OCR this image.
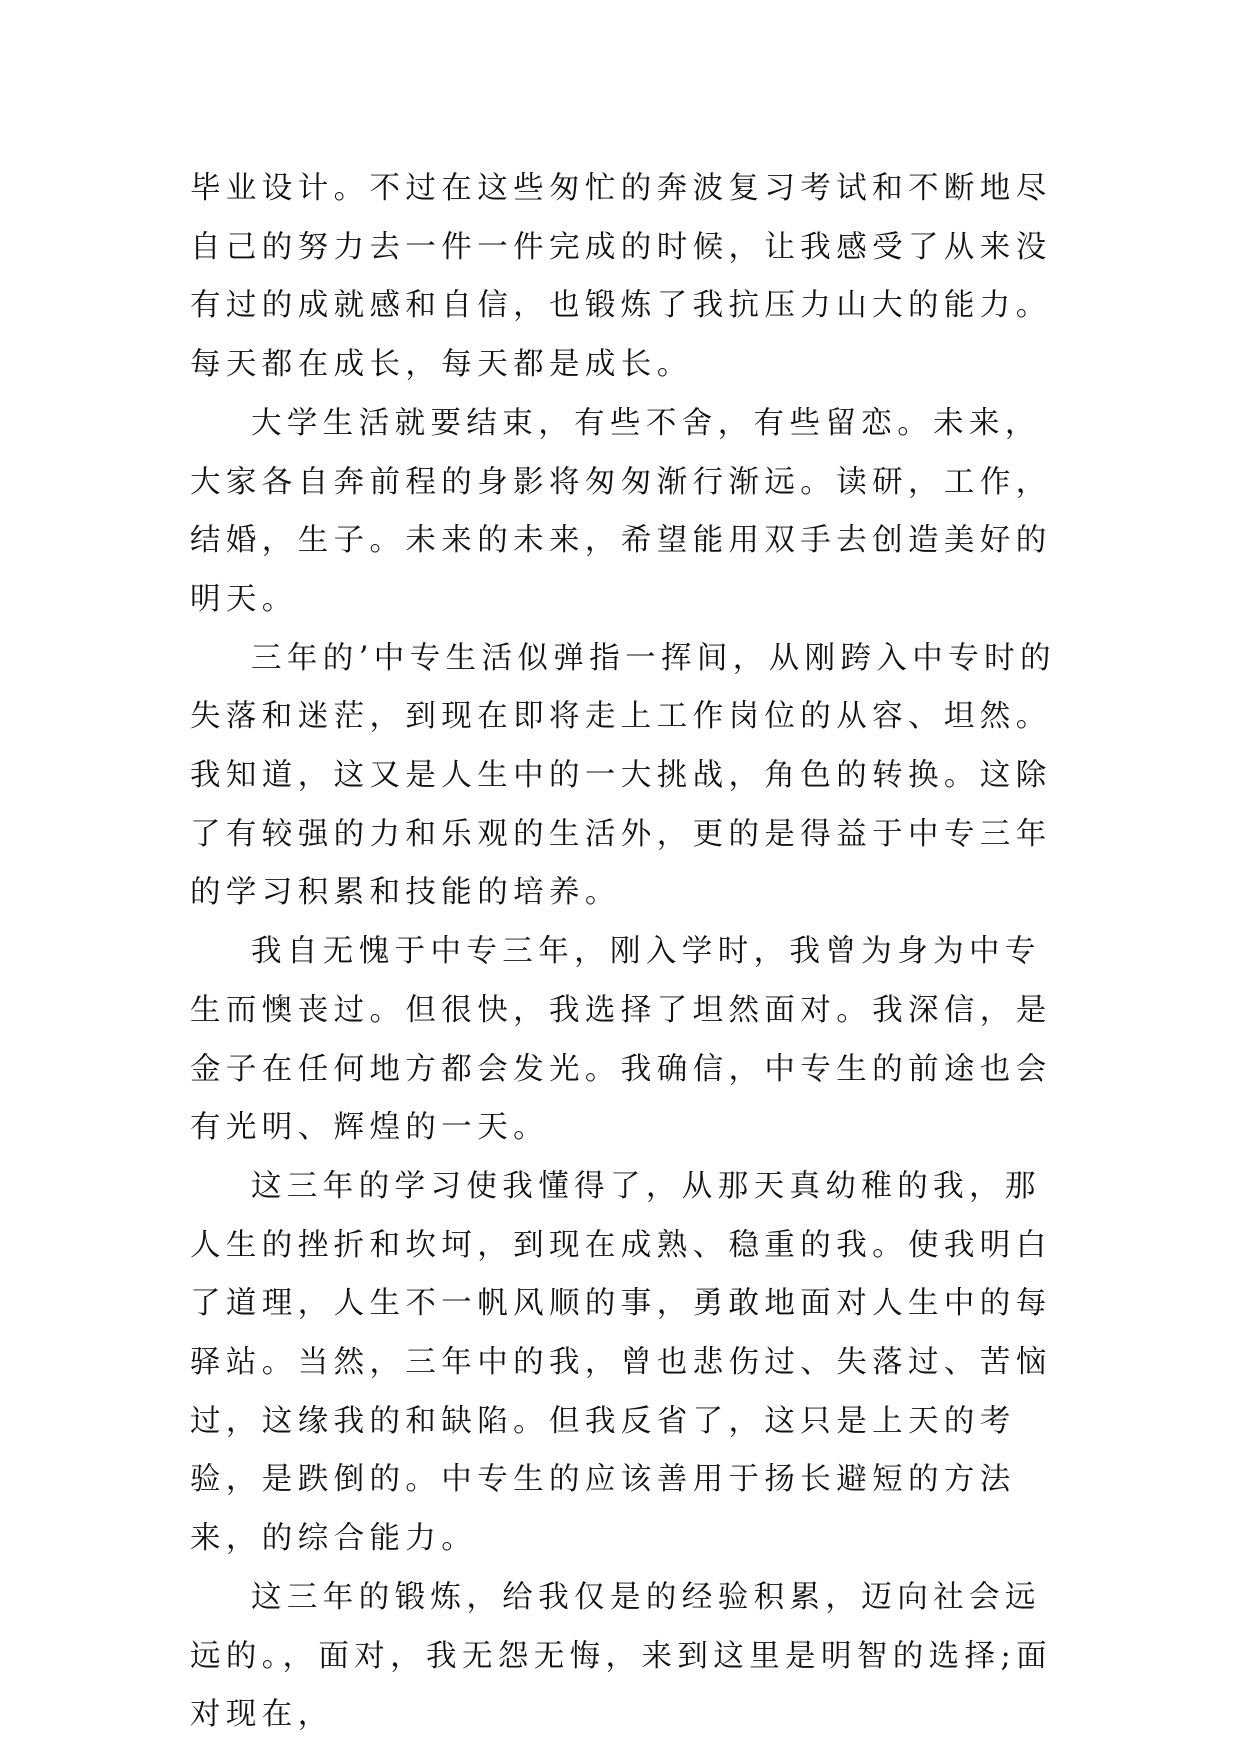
毕业设计。不过在这些匆忙的奔波复习考试和不断地尽自己的努力去一件一件完成的时候，让我感受了从来没有过的成就感和自信，也锻炼了我抗压力山大的能力。每天都在成长，每天都是成长。

大学生活就要结束，有些不舍，有些留恋。未来，大家各自奔前程的身影将匆匆渐行渐远。读研，工作，结婚，生子。未来的未来，希望能用双手去创造美好的明天。

三年的’中专生活似弹指一挥间，从刚跨入中专时的失落和迷茫，到现在即将走上工作岗位的从容、坦然。我知道，这又是人生中的一大挑战，角色的转换。这除了有较强的力和乐观的生活外，更的是得益于中专三年的学习积累和技能的培养。

我自无愧于中专三年，刚入学时，我曾为身为中专生而懊丧过。但很快，我选择了坦然面对。我深信，是金子在任何地方都会发光。我确信，中专生的前途也会有光明、辉煌的一天。

这三年的学习使我懂得了，从那天真幼稚的我，那人生的挫折和坎坷，到现在成熟、稳重的我。使我明白了道理，人生不一帆风顺的事，勇敢地面对人生中的每驿站。当然，三年中的我，曾也悲伤过、失落过、苦恼过，这缘我的和缺陷。但我反省了，这只是上天的考验，是跌倒的。中专生的应该善用于扬长避短的方法来，的综合能力。

这三年的锻炼，给我仅是的经验积累，迈向社会远远的。，面对，我无怨无悔，来到这里是明智的选择;面对现在，
